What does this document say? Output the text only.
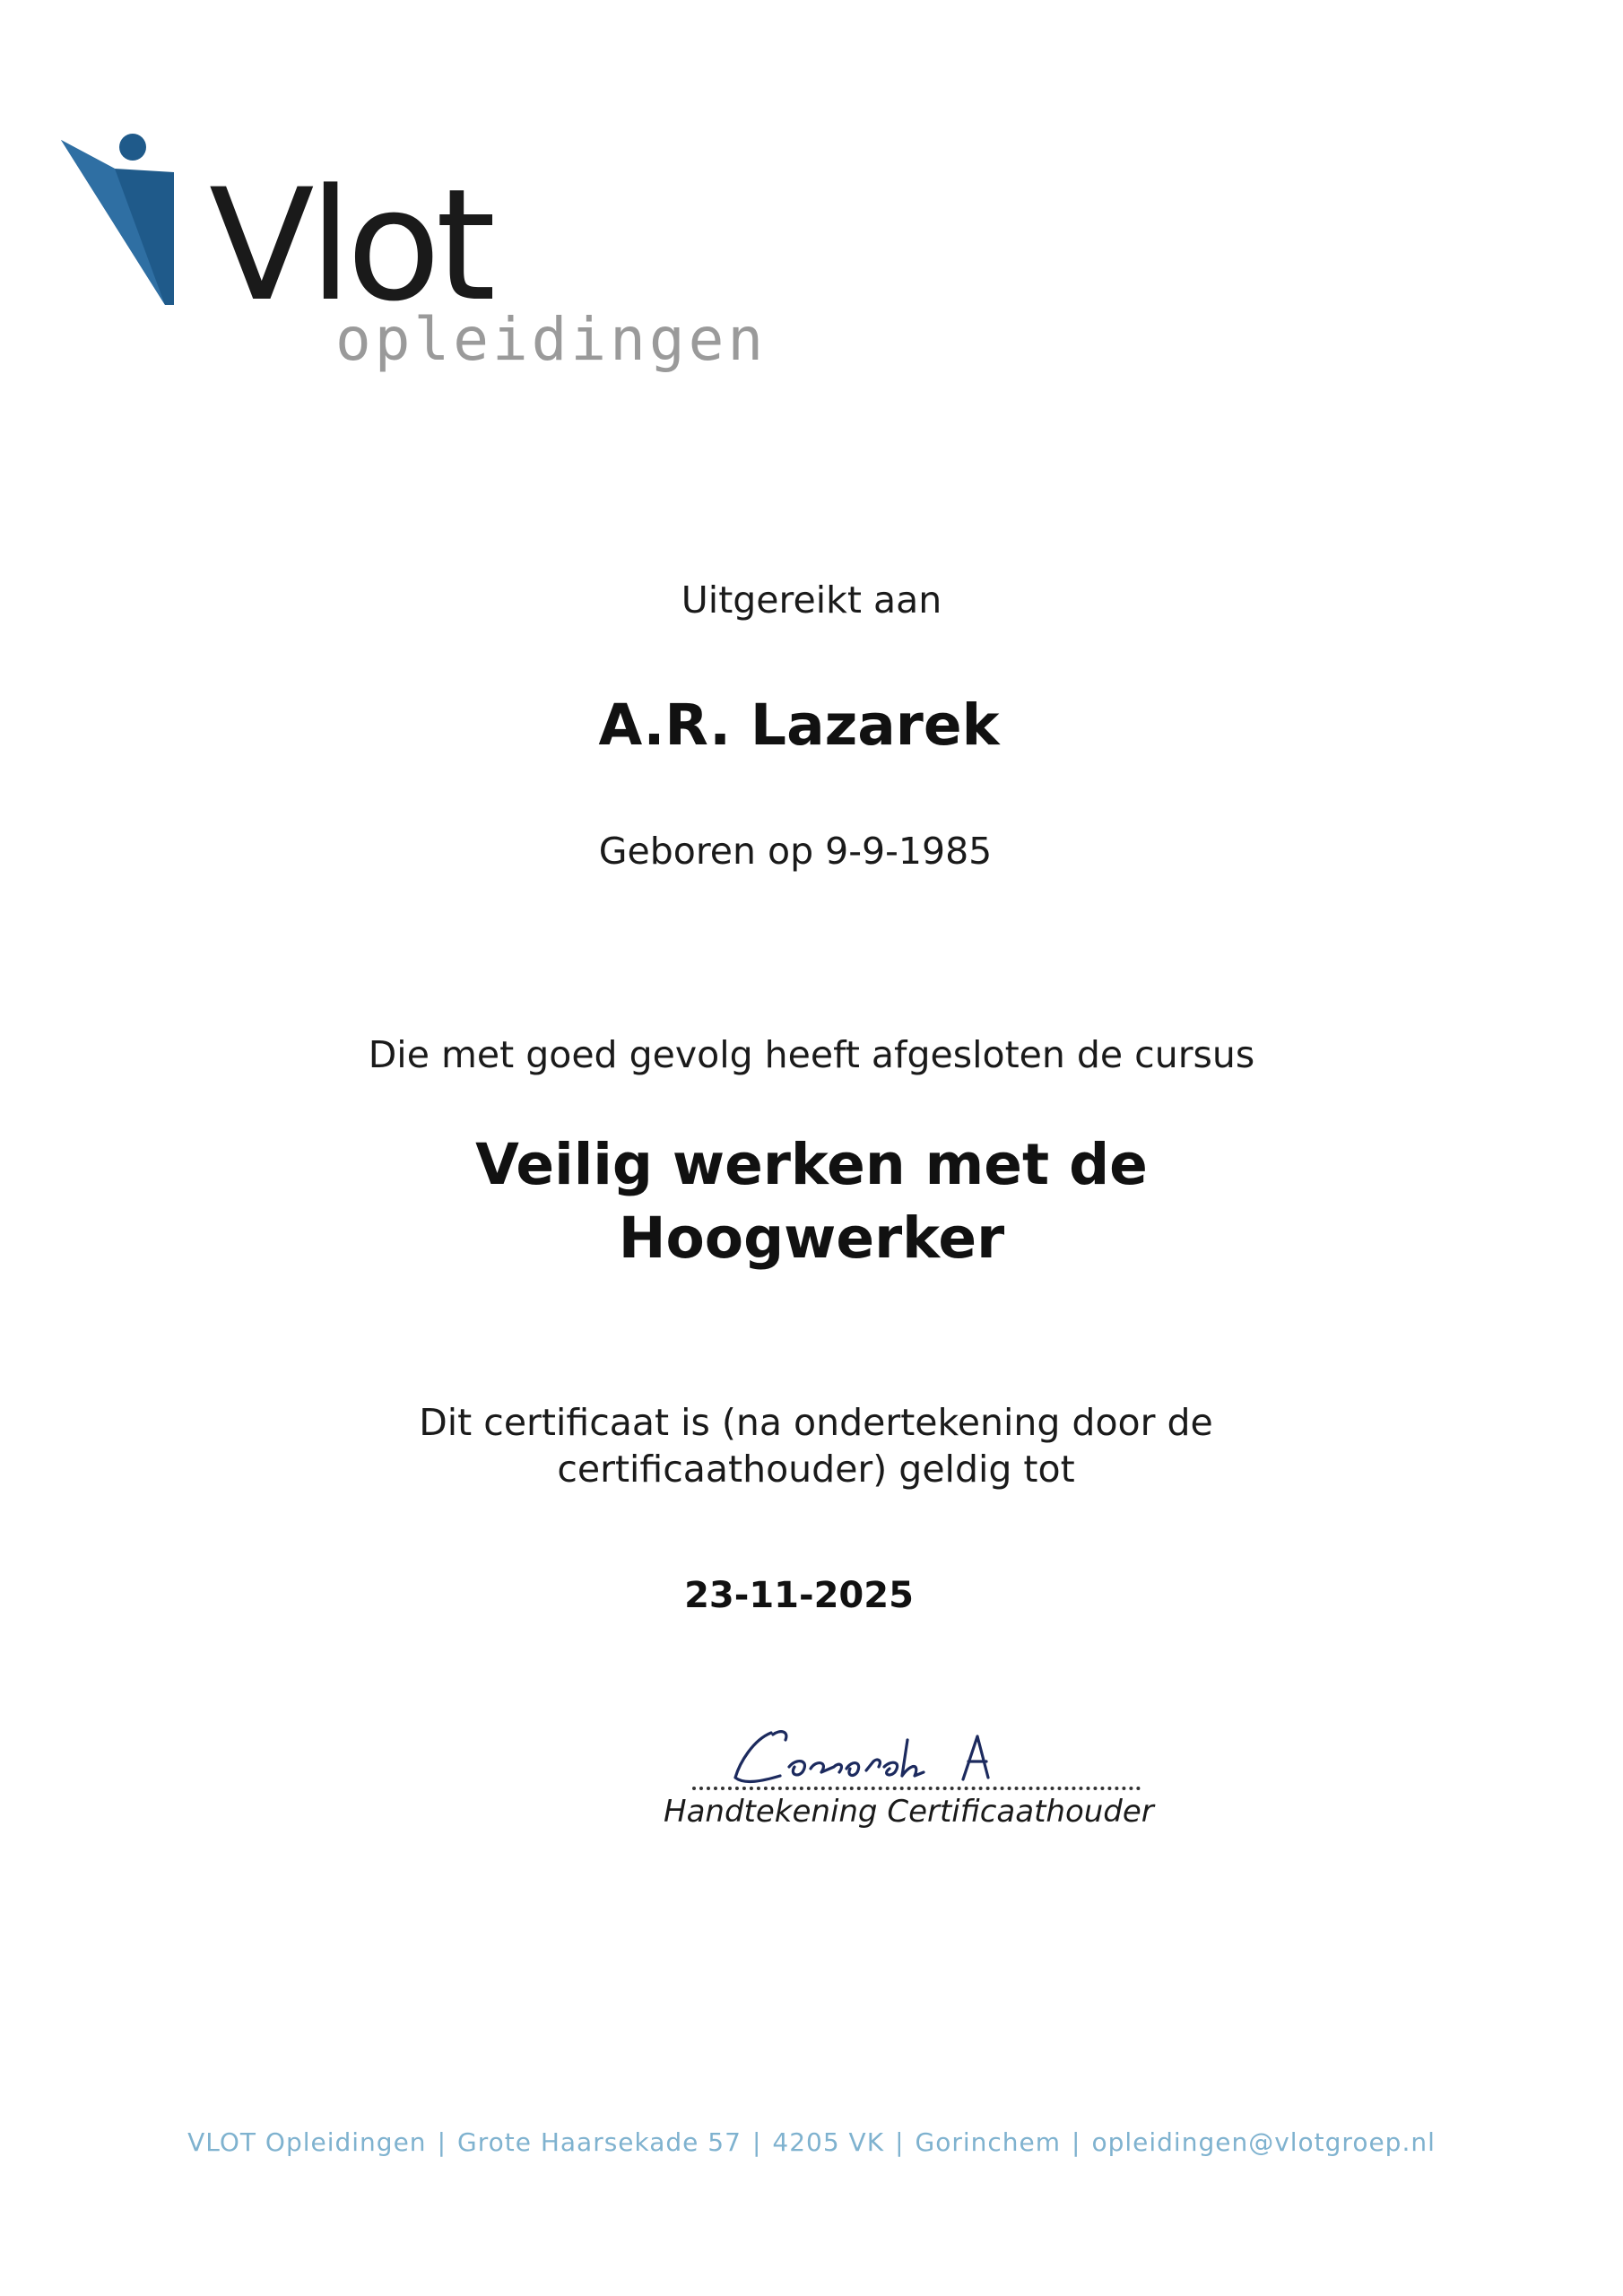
Vlot
opleidingen
Uitgereikt aan
A.R. Lazarek
Geboren op 9-9-1985
Die met goed gevolg heeft afgesloten de cursus
Veilig werken met de
Hoogwerker
Dit certificaat is (na ondertekening door de
certificaathouder) geldig tot
23-11-2025
Handtekening Certificaathouder
VLOT Opleidingen | Grote Haarsekade 57 | 4205 VK | Gorinchem | opleidingen@vlotgroep.nl
